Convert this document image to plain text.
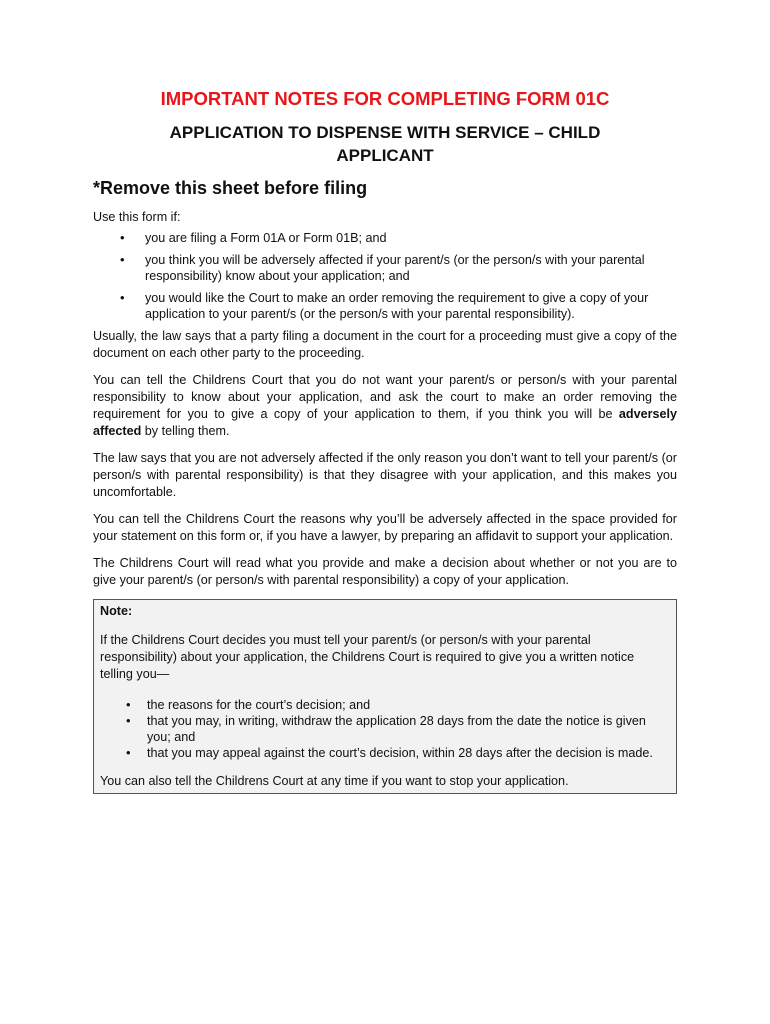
IMPORTANT NOTES FOR COMPLETING FORM 01C
APPLICATION TO DISPENSE WITH SERVICE – CHILD APPLICANT
*Remove this sheet before filing

Use this form if:

• you are filing a Form 01A or Form 01B; and
• you think you will be adversely affected if your parent/s (or the person/s with your parental responsibility) know about your application; and
• you would like the Court to make an order removing the requirement to give a copy of your application to your parent/s (or the person/s with your parental responsibility).

Usually, the law says that a party filing a document in the court for a proceeding must give a copy of the document on each other party to the proceeding.

You can tell the Childrens Court that you do not want your parent/s or person/s with your parental responsibility to know about your application, and ask the court to make an order removing the requirement for you to give a copy of your application to them, if you think you will be adversely affected by telling them.

The law says that you are not adversely affected if the only reason you don’t want to tell your parent/s (or person/s with parental responsibility) is that they disagree with your application, and this makes you uncomfortable.

You can tell the Childrens Court the reasons why you’ll be adversely affected in the space provided for your statement on this form or, if you have a lawyer, by preparing an affidavit to support your application.

The Childrens Court will read what you provide and make a decision about whether or not you are to give your parent/s (or person/s with parental responsibility) a copy of your application.

Note:

If the Childrens Court decides you must tell your parent/s (or person/s with your parental responsibility) about your application, the Childrens Court is required to give you a written notice telling you—

• the reasons for the court’s decision; and
• that you may, in writing, withdraw the application 28 days from the date the notice is given you; and
• that you may appeal against the court’s decision, within 28 days after the decision is made.

You can also tell the Childrens Court at any time if you want to stop your application.
